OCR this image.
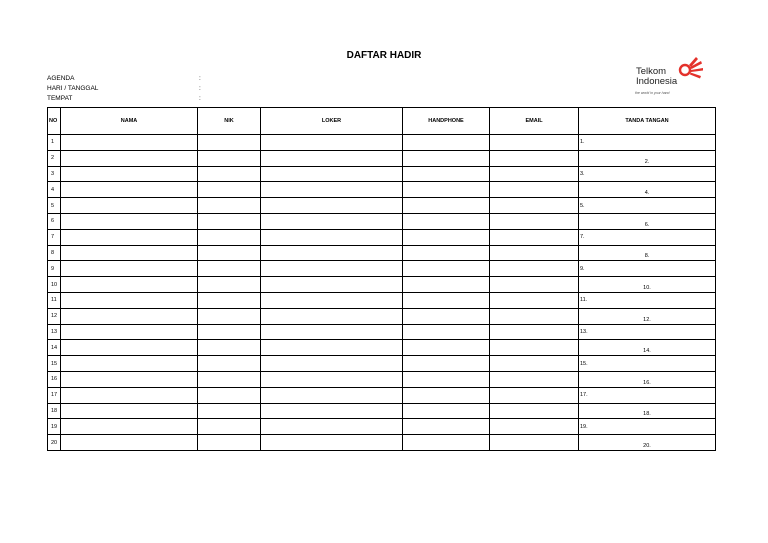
DAFTAR HADIR
AGENDA	:
HARI / TANGGAL	:
TEMPAT	:
Telkom
Indonesia
the world in your hand
NO	NAMA	NIK	LOKER	HANDPHONE	EMAIL	TANDA TANGAN
1						1.
2						2.
3						3.
4						4.
5						5.
6						6.
7						7.
8						8.
9						9.
10						10.
11						11.
12						12.
13						13.
14						14.
15						15.
16						16.
17						17.
18						18.
19						19.
20						20.
